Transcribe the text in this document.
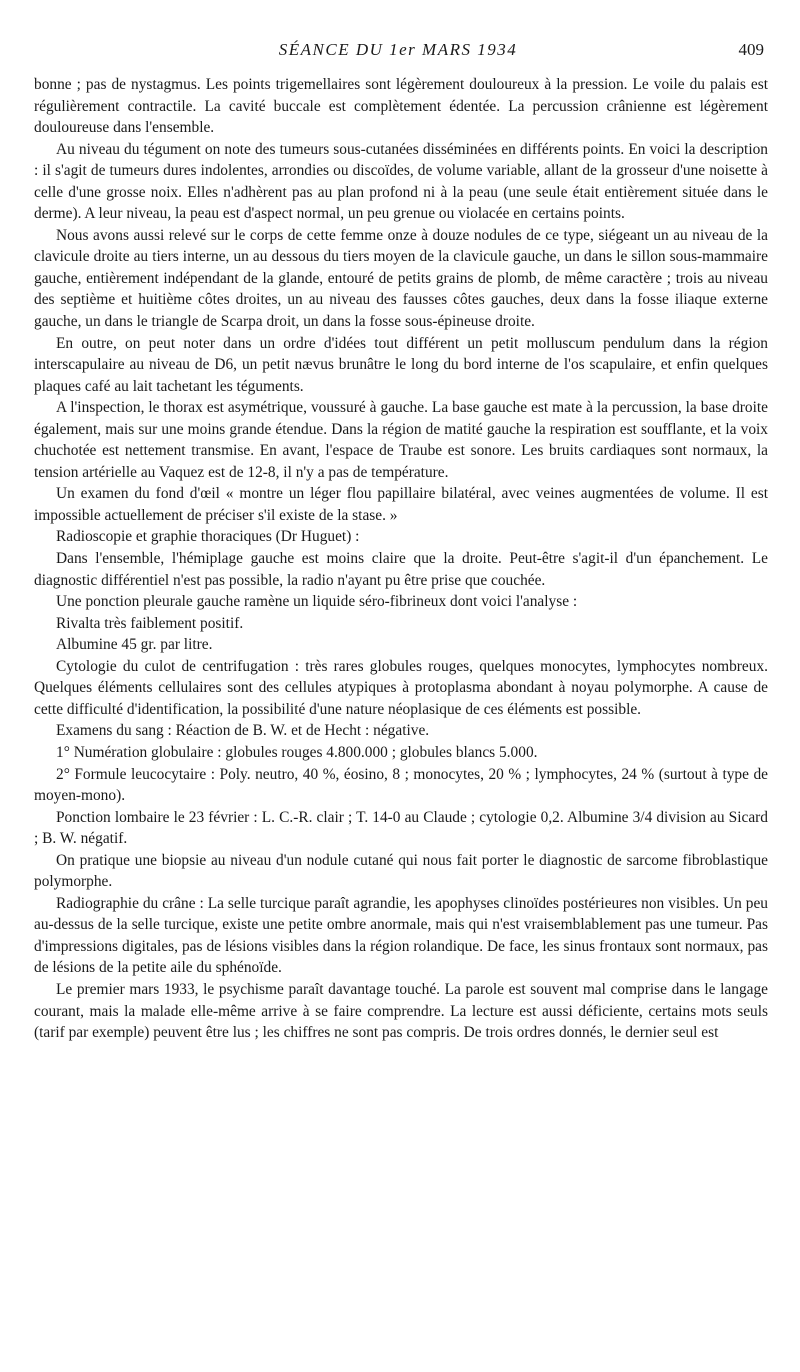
SÉANCE DU 1er MARS 1934	409

bonne ; pas de nystagmus. Les points trigemellaires sont légèrement douloureux à la pression. Le voile du palais est régulièrement contractile. La cavité buccale est complètement édentée. La percussion crânienne est légèrement douloureuse dans l'ensemble.

Au niveau du tégument on note des tumeurs sous-cutanées disséminées en différents points. En voici la description : il s'agit de tumeurs dures indolentes, arrondies ou discoïdes, de volume variable, allant de la grosseur d'une noisette à celle d'une grosse noix. Elles n'adhèrent pas au plan profond ni à la peau (une seule était entièrement située dans le derme). A leur niveau, la peau est d'aspect normal, un peu grenue ou violacée en certains points.

Nous avons aussi relevé sur le corps de cette femme onze à douze nodules de ce type, siégeant un au niveau de la clavicule droite au tiers interne, un au dessous du tiers moyen de la clavicule gauche, un dans le sillon sous-mammaire gauche, entièrement indépendant de la glande, entouré de petits grains de plomb, de même caractère ; trois au niveau des septième et huitième côtes droites, un au niveau des fausses côtes gauches, deux dans la fosse iliaque externe gauche, un dans le triangle de Scarpa droit, un dans la fosse sous-épineuse droite.

En outre, on peut noter dans un ordre d'idées tout différent un petit molluscum pendulum dans la région interscapulaire au niveau de D6, un petit nævus brunâtre le long du bord interne de l'os scapulaire, et enfin quelques plaques café au lait tachetant les téguments.

A l'inspection, le thorax est asymétrique, voussuré à gauche. La base gauche est mate à la percussion, la base droite également, mais sur une moins grande étendue. Dans la région de matité gauche la respiration est soufflante, et la voix chuchotée est nettement transmise. En avant, l'espace de Traube est sonore. Les bruits cardiaques sont normaux, la tension artérielle au Vaquez est de 12-8, il n'y a pas de température.

Un examen du fond d'œil « montre un léger flou papillaire bilatéral, avec veines augmentées de volume. Il est impossible actuellement de préciser s'il existe de la stase. »

Radioscopie et graphie thoraciques (Dr Huguet) :

Dans l'ensemble, l'hémiplage gauche est moins claire que la droite. Peut-être s'agit-il d'un épanchement. Le diagnostic différentiel n'est pas possible, la radio n'ayant pu être prise que couchée.

Une ponction pleurale gauche ramène un liquide séro-fibrineux dont voici l'analyse :

Rivalta très faiblement positif.

Albumine 45 gr. par litre.

Cytologie du culot de centrifugation : très rares globules rouges, quelques monocytes, lymphocytes nombreux. Quelques éléments cellulaires sont des cellules atypiques à protoplasma abondant à noyau polymorphe. A cause de cette difficulté d'identification, la possibilité d'une nature néoplasique de ces éléments est possible.

Examens du sang : Réaction de B. W. et de Hecht : négative.

1° Numération globulaire : globules rouges 4.800.000 ; globules blancs 5.000.

2° Formule leucocytaire : Poly. neutro, 40 %, éosino, 8 ; monocytes, 20 % ; lymphocytes, 24 % (surtout à type de moyen-mono).

Ponction lombaire le 23 février : L. C.-R. clair ; T. 14-0 au Claude ; cytologie 0,2. Albumine 3/4 division au Sicard ; B. W. négatif.

On pratique une biopsie au niveau d'un nodule cutané qui nous fait porter le diagnostic de sarcome fibroblastique polymorphe.

Radiographie du crâne : La selle turcique paraît agrandie, les apophyses clinoïdes postérieures non visibles. Un peu au-dessus de la selle turcique, existe une petite ombre anormale, mais qui n'est vraisemblablement pas une tumeur. Pas d'impressions digitales, pas de lésions visibles dans la région rolandique. De face, les sinus frontaux sont normaux, pas de lésions de la petite aile du sphénoïde.

Le premier mars 1933, le psychisme paraît davantage touché. La parole est souvent mal comprise dans le langage courant, mais la malade elle-même arrive à se faire comprendre. La lecture est aussi déficiente, certains mots seuls (tarif par exemple) peuvent être lus ; les chiffres ne sont pas compris. De trois ordres donnés, le dernier seul est
